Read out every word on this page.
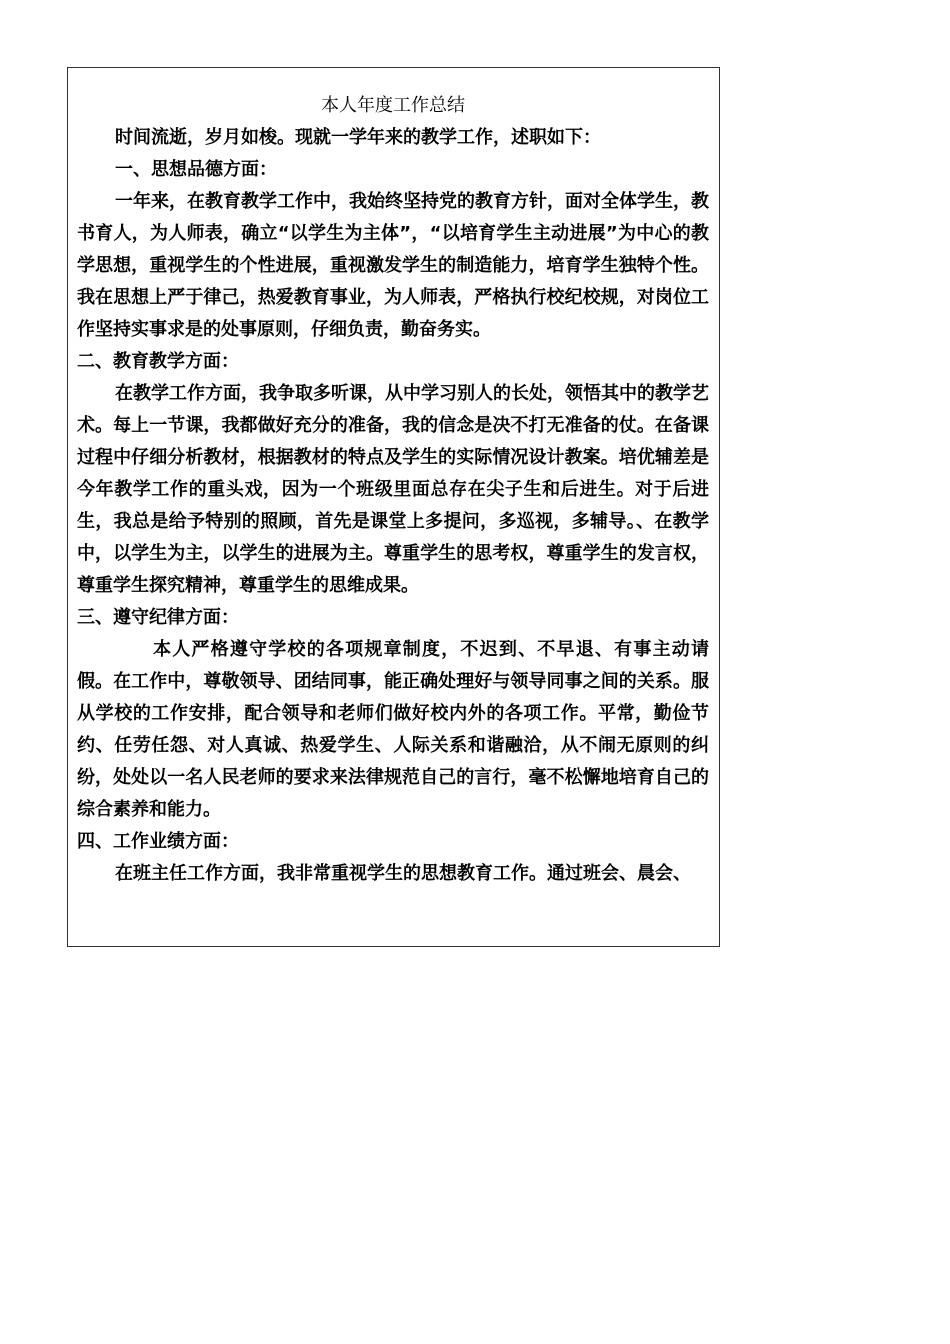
本人年度工作总结

时间流逝，岁月如梭。现就一学年来的教学工作，述职如下：

一、思想品德方面：

一年来，在教育教学工作中，我始终坚持党的教育方针，面对全体学生，教书育人，为人师表，确立“以学生为主体”，“以培育学生主动进展”为中心的教学思想，重视学生的个性进展，重视激发学生的制造能力，培育学生独特个性。我在思想上严于律己，热爱教育事业，为人师表，严格执行校纪校规，对岗位工作坚持实事求是的处事原则，仔细负责，勤奋务实。

二、教育教学方面：

在教学工作方面，我争取多听课，从中学习别人的长处，领悟其中的教学艺术。每上一节课，我都做好充分的准备，我的信念是决不打无准备的仗。在备课过程中仔细分析教材，根据教材的特点及学生的实际情况设计教案。培优辅差是今年教学工作的重头戏，因为一个班级里面总存在尖子生和后进生。对于后进生，我总是给予特别的照顾，首先是课堂上多提问，多巡视，多辅导。、在教学中，以学生为主，以学生的进展为主。尊重学生的思考权，尊重学生的发言权，尊重学生探究精神，尊重学生的思维成果。

三、遵守纪律方面：

本人严格遵守学校的各项规章制度，不迟到、不早退、有事主动请假。在工作中，尊敬领导、团结同事，能正确处理好与领导同事之间的关系。服从学校的工作安排，配合领导和老师们做好校内外的各项工作。平常，勤俭节约、任劳任怨、对人真诚、热爱学生、人际关系和谐融洽，从不闹无原则的纠纷，处处以一名人民老师的要求来法律规范自己的言行，毫不松懈地培育自己的综合素养和能力。

四、工作业绩方面：

在班主任工作方面，我非常重视学生的思想教育工作。通过班会、晨会、
